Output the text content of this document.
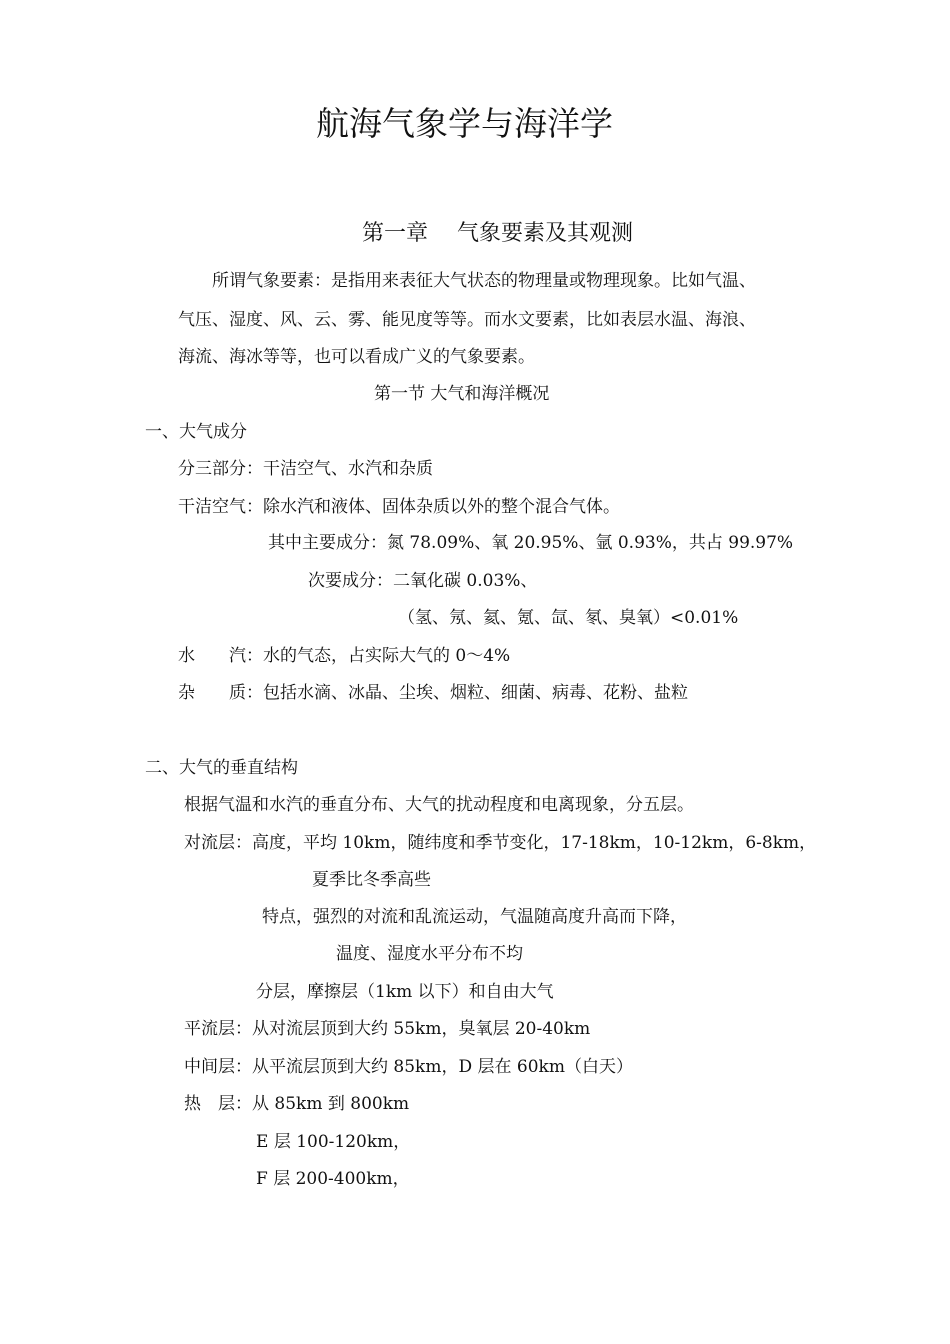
航海气象学与海洋学
第一章　 气象要素及其观测
所谓气象要素：是指用来表征大气状态的物理量或物理现象。比如气温、
气压、湿度、风、云、雾、能见度等等。而水文要素，比如表层水温、海浪、
海流、海冰等等，也可以看成广义的气象要素。
第一节 大气和海洋概况
一、大气成分
分三部分：干洁空气、水汽和杂质
干洁空气：除水汽和液体、固体杂质以外的整个混合气体。
其中主要成分：氮 78.09%、氧 20.95%、氩 0.93%，共占 99.97%
次要成分：二氧化碳 0.03%、
（氢、氖、氦、氪、氙、氡、臭氧）<0.01%
水　　汽：水的气态，占实际大气的 0～4%
杂　　质：包括水滴、冰晶、尘埃、烟粒、细菌、病毒、花粉、盐粒
二、大气的垂直结构
根据气温和水汽的垂直分布、大气的扰动程度和电离现象，分五层。
对流层：高度，平均 10km，随纬度和季节变化，17-18km，10-12km，6-8km，
夏季比冬季高些
特点，强烈的对流和乱流运动，气温随高度升高而下降，
温度、湿度水平分布不均
分层，摩擦层（1km 以下）和自由大气
平流层：从对流层顶到大约 55km，臭氧层 20-40km
中间层：从平流层顶到大约 85km，D 层在 60km（白天）
热　层：从 85km 到 800km
E 层 100-120km，
F 层 200-400km，
